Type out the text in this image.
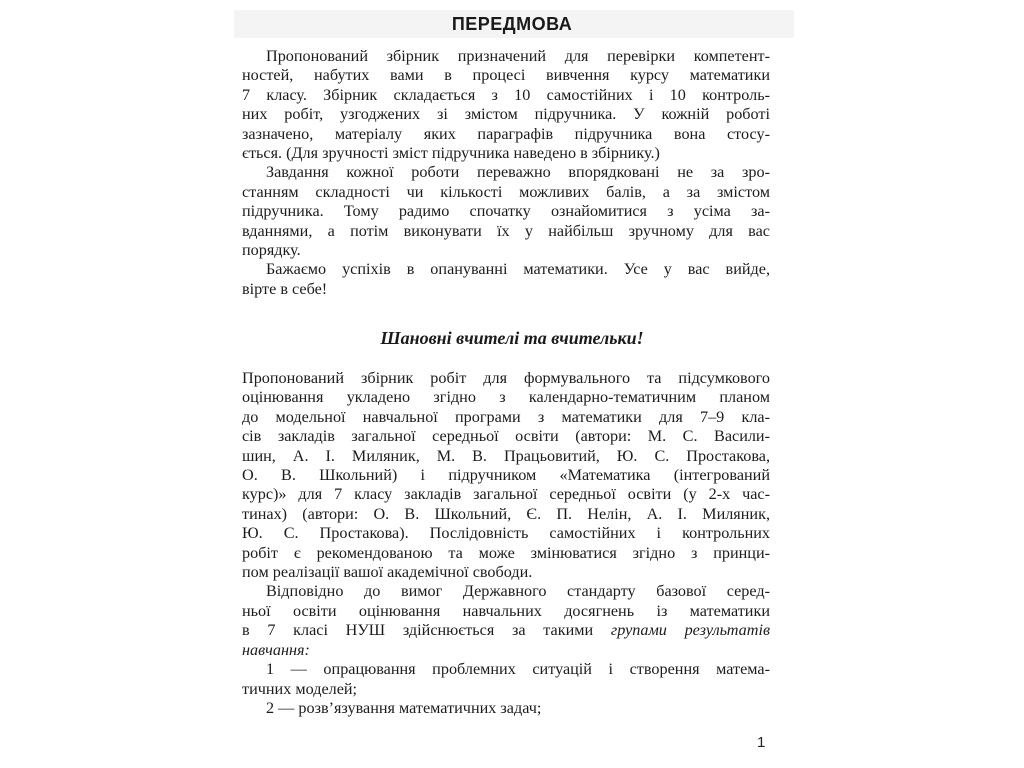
ПЕРЕДМОВА
Пропонований збірник призначений для перевірки компетент-
ностей, набутих вами в процесі вивчення курсу математики
7 класу. Збірник складається з 10 самостійних і 10 контроль-
них робіт, узгоджених зі змістом підручника. У кожній роботі
зазначено, матеріалу яких параграфів підручника вона стосу-
ється. (Для зручності зміст підручника наведено в збірнику.)
Завдання кожної роботи переважно впорядковані не за зро-
станням складності чи кількості можливих балів, а за змістом
підручника. Тому радимо спочатку ознайомитися з усіма за-
вданнями, а потім виконувати їх у найбільш зручному для вас
порядку.
Бажаємо успіхів в опануванні математики. Усе у вас вийде,
вірте в себе!
Шановні вчителі та вчительки!
Пропонований збірник робіт для формувального та підсумкового
оцінювання укладено згідно з календарно-тематичним планом
до модельної навчальної програми з математики для 7–9 кла-
сів закладів загальної середньої освіти (автори: М. С. Васили-
шин, А. І. Миляник, М. В. Працьовитий, Ю. С. Простакова,
О. В. Школьний) і підручником «Математика (інтегрований
курс)» для 7 класу закладів загальної середньої освіти (у 2-х час-
тинах) (автори: О. В. Школьний, Є. П. Нелін, А. І. Миляник,
Ю. С. Простакова). Послідовність самостійних і контрольних
робіт є рекомендованою та може змінюватися згідно з принци-
пом реалізації вашої академічної свободи.
Відповідно до вимог Державного стандарту базової серед-
ньої освіти оцінювання навчальних досягнень із математики
в 7 класі НУШ здійснюється за такими групами результатів
навчання:
1 — опрацювання проблемних ситуацій і створення матема-
тичних моделей;
2 — розв’язування математичних задач;
1
